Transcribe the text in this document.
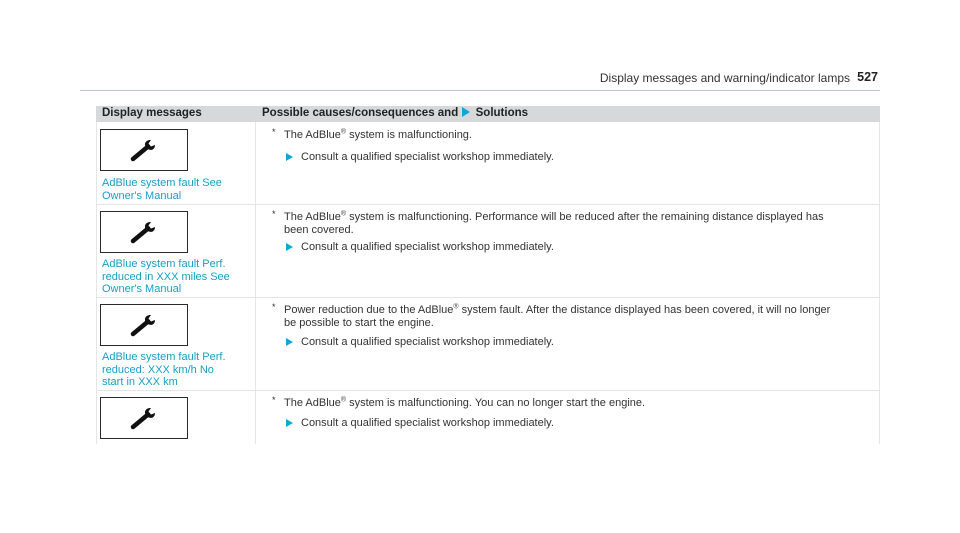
Display messages and warning/indicator lamps 527
Display messages	Possible causes/consequences and Solutions
AdBlue system fault See
Owner's Manual
* The AdBlue® system is malfunctioning.
Consult a qualified specialist workshop immediately.
AdBlue system fault Perf.
reduced in XXX miles See
Owner's Manual
* The AdBlue® system is malfunctioning. Performance will be reduced after the remaining distance displayed has
been covered.
Consult a qualified specialist workshop immediately.
AdBlue system fault Perf.
reduced: XXX km/h No
start in XXX km
* Power reduction due to the AdBlue® system fault. After the distance displayed has been covered, it will no longer
be possible to start the engine.
Consult a qualified specialist workshop immediately.
* The AdBlue® system is malfunctioning. You can no longer start the engine.
Consult a qualified specialist workshop immediately.
